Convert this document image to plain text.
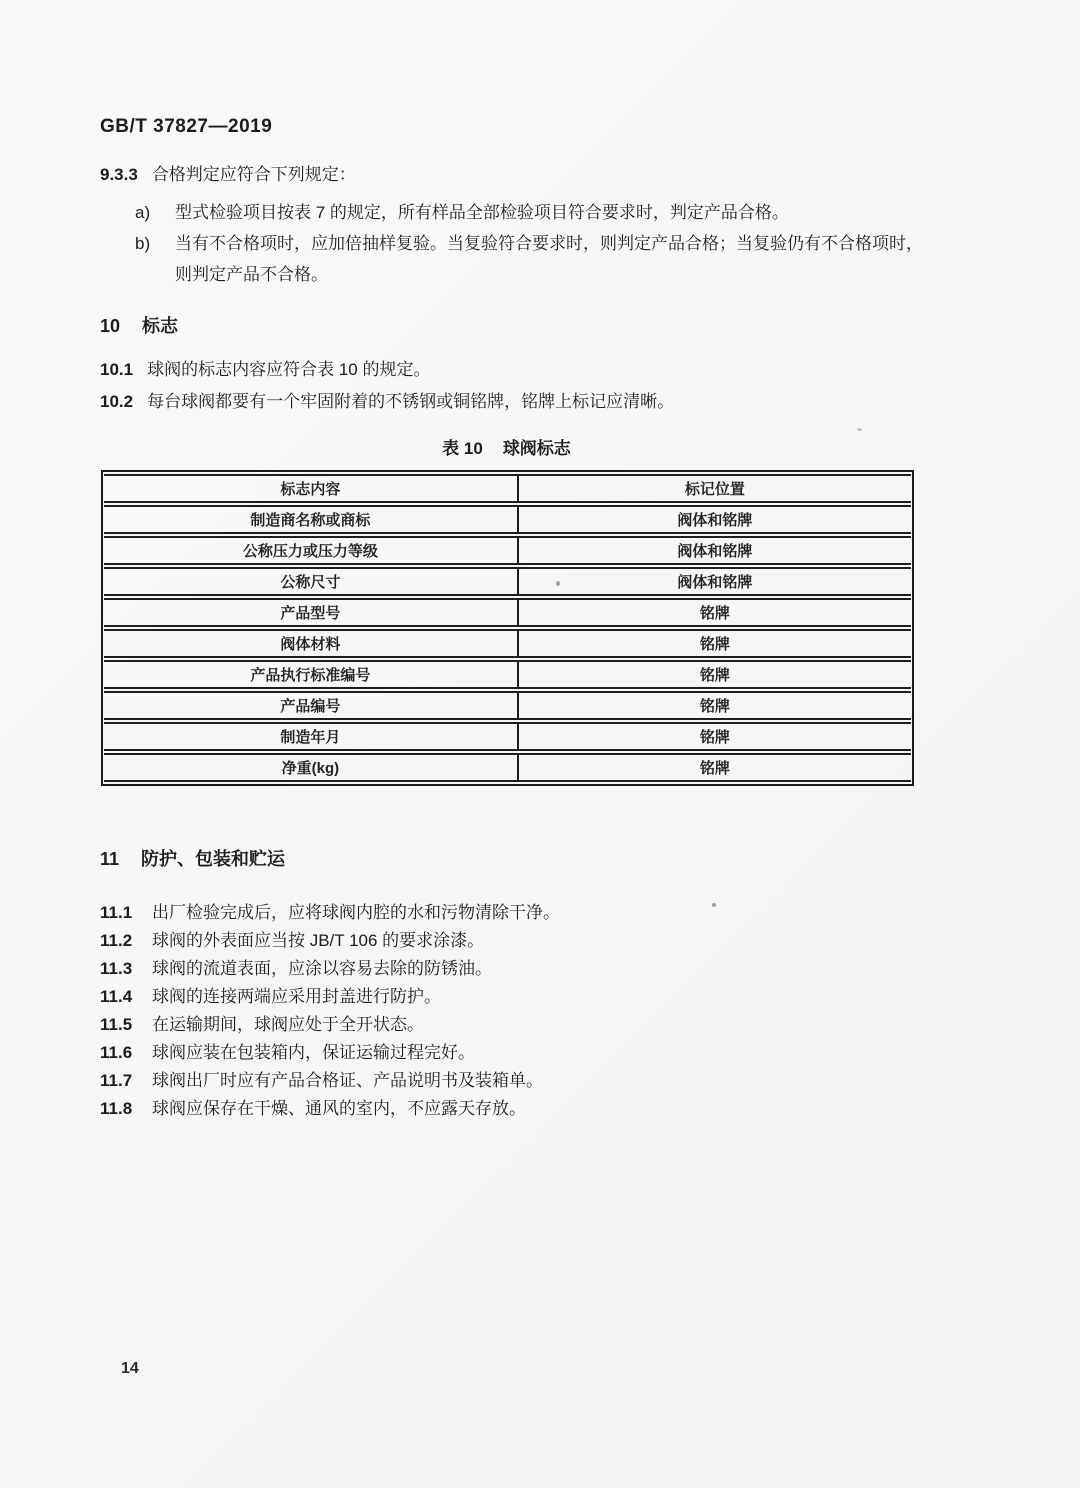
GB/T 37827—2019
9.3.3 合格判定应符合下列规定：
a)	型式检验项目按表 7 的规定，所有样品全部检验项目符合要求时，判定产品合格。
b)	当有不合格项时，应加倍抽样复验。当复验符合要求时，则判定产品合格；当复验仍有不合格项时，则判定产品不合格。
10 标志
10.1 球阀的标志内容应符合表 10 的规定。
10.2 每台球阀都要有一个牢固附着的不锈钢或铜铭牌，铭牌上标记应清晰。
表 10 球阀标志
标志内容	标记位置
制造商名称或商标	阀体和铭牌
公称压力或压力等级	阀体和铭牌
公称尺寸	阀体和铭牌
产品型号	铭牌
阀体材料	铭牌
产品执行标准编号	铭牌
产品编号	铭牌
制造年月	铭牌
净重(kg)	铭牌
11 防护、包装和贮运
11.1 出厂检验完成后，应将球阀内腔的水和污物清除干净。
11.2 球阀的外表面应当按 JB/T 106 的要求涂漆。
11.3 球阀的流道表面，应涂以容易去除的防锈油。
11.4 球阀的连接两端应采用封盖进行防护。
11.5 在运输期间，球阀应处于全开状态。
11.6 球阀应装在包装箱内，保证运输过程完好。
11.7 球阀出厂时应有产品合格证、产品说明书及装箱单。
11.8 球阀应保存在干燥、通风的室内，不应露天存放。
14
